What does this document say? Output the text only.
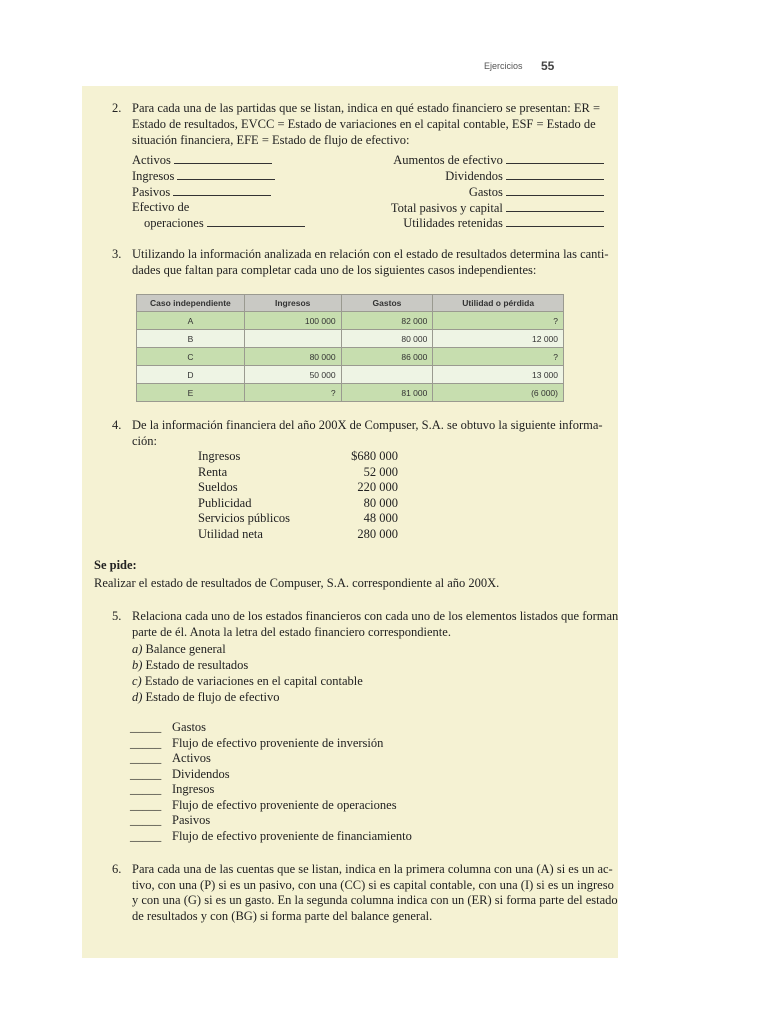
Ejercicios 55
2. Para cada una de las partidas que se listan, indica en qué estado financiero se presentan: ER =
Estado de resultados, EVCC = Estado de variaciones en el capital contable, ESF = Estado de
situación financiera, EFE = Estado de flujo de efectivo:
Activos
Ingresos
Pasivos
Efectivo de
operaciones
Aumentos de efectivo
Dividendos
Gastos
Total pasivos y capital
Utilidades retenidas
3. Utilizando la información analizada en relación con el estado de resultados determina las canti-
dades que faltan para completar cada uno de los siguientes casos independientes:
Caso independiente	Ingresos	Gastos	Utilidad o pérdida
A	100 000	82 000	?
B		80 000	12 000
C	80 000	86 000	?
D	50 000		13 000
E	?	81 000	(6 000)
4. De la información financiera del año 200X de Compuser, S.A. se obtuvo la siguiente informa-
ción:
Ingresos	$680 000
Renta	52 000
Sueldos	220 000
Publicidad	80 000
Servicios públicos	48 000
Utilidad neta	280 000
Se pide:
Realizar el estado de resultados de Compuser, S.A. correspondiente al año 200X.
5. Relaciona cada uno de los estados financieros con cada uno de los elementos listados que forman
parte de él. Anota la letra del estado financiero correspondiente.
a) Balance general
b) Estado de resultados
c) Estado de variaciones en el capital contable
d) Estado de flujo de efectivo
_____ Gastos
_____ Flujo de efectivo proveniente de inversión
_____ Activos
_____ Dividendos
_____ Ingresos
_____ Flujo de efectivo proveniente de operaciones
_____ Pasivos
_____ Flujo de efectivo proveniente de financiamiento
6. Para cada una de las cuentas que se listan, indica en la primera columna con una (A) si es un ac-
tivo, con una (P) si es un pasivo, con una (CC) si es capital contable, con una (I) si es un ingreso
y con una (G) si es un gasto. En la segunda columna indica con un (ER) si forma parte del estado
de resultados y con (BG) si forma parte del balance general.
